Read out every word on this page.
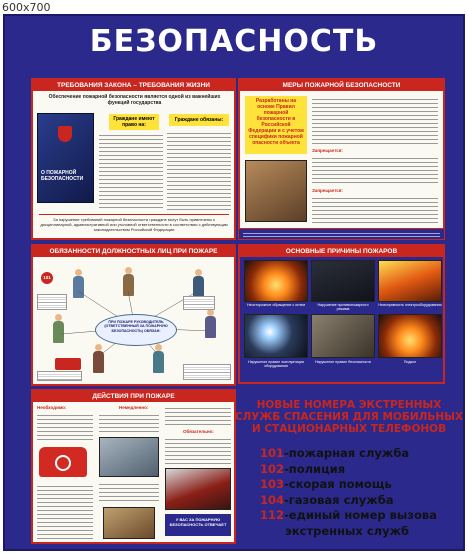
600x700
БЕЗОПАСНОСТЬ
ТРЕБОВАНИЯ ЗАКОНА – ТРЕБОВАНИЯ ЖИЗНИ
Обеспечение пожарной безопасности является одной из важнейших функций государства
О ПОЖАРНОЙ БЕЗОПАСНОСТИ
Граждане имеют право на:
Граждане обязаны:
За нарушение требований пожарной безопасности граждане могут быть привлечены к дисциплинарной, административной или уголовной ответственности в соответствии с действующим законодательством Российской Федерации
МЕРЫ ПОЖАРНОЙ БЕЗОПАСНОСТИ
Разработаны на основе Правил пожарной безопасности в Российской Федерации и с учетом специфики пожарной опасности объекта
Запрещается:
Запрещается:
ОБЯЗАННОСТИ ДОЛЖНОСТНЫХ ЛИЦ ПРИ ПОЖАРЕ
101
ПРИ ПОЖАРЕ РУКОВОДИТЕЛЬ (ОТВЕТСТВЕННЫЙ ЗА ПОЖАРНУЮ БЕЗОПАСНОСТЬ) ОБЯЗАН:
ОСНОВНЫЕ ПРИЧИНЫ ПОЖАРОВ
Неосторожное обращение с огнем	Нарушение противопожарного режима
Неисправность электрооборудования
Нарушение правил эксплуатации оборудования
Нарушение правил безопасности	Поджог
ДЕЙСТВИЯ ПРИ ПОЖАРЕ
Необходимо:	Немедленно:
Обязательно:
У ВАС ЗА ПОЖАРНУЮ БЕЗОПАСНОСТЬ ОТВЕЧАЕТ
НОВЫЕ НОМЕРА ЭКСТРЕННЫХ СЛУЖБ СПАСЕНИЯ ДЛЯ МОБИЛЬНЫХ И СТАЦИОНАРНЫХ ТЕЛЕФОНОВ
101-пожарная служба
102-полиция
103-скорая помощь
104-газовая служба
112-единый номер вызова
экстренных служб
